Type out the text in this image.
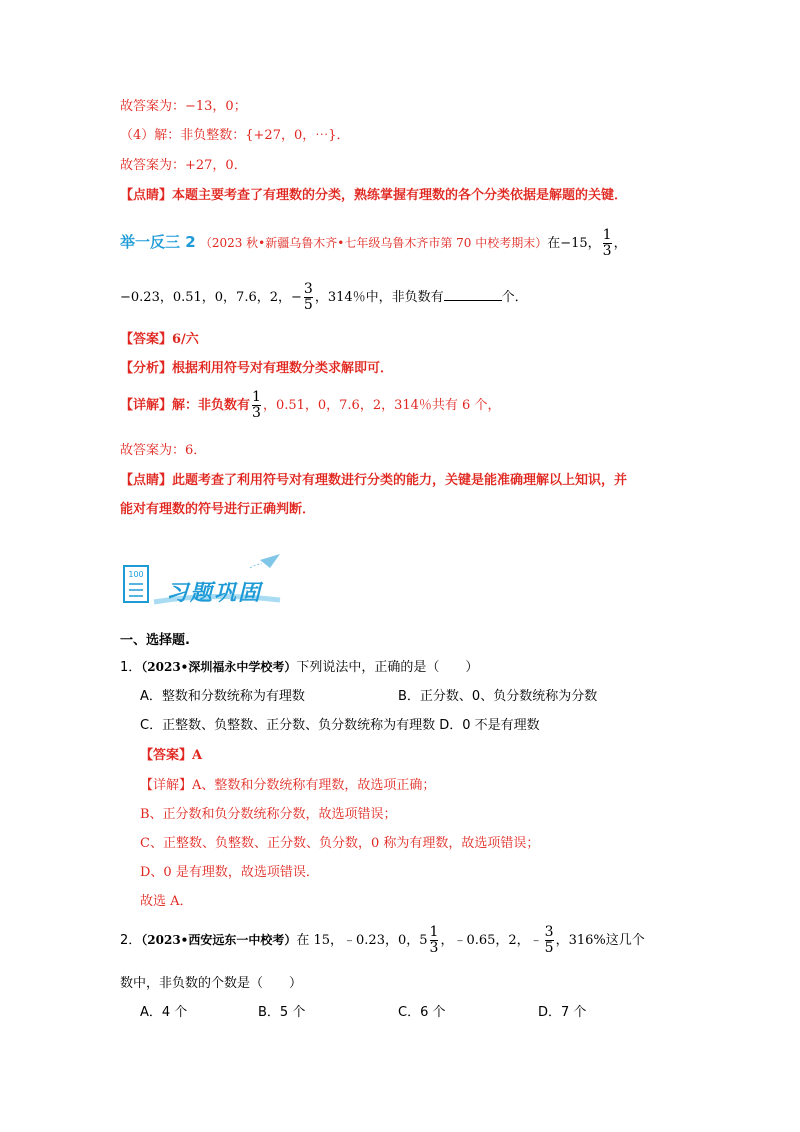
故答案为：−13，0；
（4）解：非负整数：{+27，0，⋯}．
故答案为：+27，0．
【点睛】本题主要考查了有理数的分类，熟练掌握有理数的各个分类依据是解题的关键．
举一反三 2 （2023 秋•新疆乌鲁木齐•七年级乌鲁木齐市第 70 中校考期末）在−15， $\frac{1}{3}$ ，
−0.23，0.51，0，7.6，2，− $\frac{3}{5}$ ，314％中，非负数有	个．
【答案】6/六
【分析】根据利用符号对有理数分类求解即可．
【详解】解：非负数有 $\frac{1}{3}$ ，0.51，0，7.6，2，314％共有 6 个，
故答案为：6．
【点睛】此题考查了利用符号对有理数进行分类的能力，关键是能准确理解以上知识，并
能对有理数的符号进行正确判断．
100
习题巩固
一、选择题.
1．（2023•深圳福永中学校考）下列说法中，正确的是（　　）
A．整数和分数统称为有理数	B．正分数、0、负分数统称为分数
C．正整数、负整数、正分数、负分数统称为有理数 D．0 不是有理数
【答案】A
【详解】A、整数和分数统称有理数，故选项正确；
B、正分数和负分数统称分数，故选项错误；
C、正整数、负整数、正分数、负分数，0 称为有理数，故选项错误；
D、0 是有理数，故选项错误．
故选 A．
2．（2023•西安远东一中校考）在 15，﹣0.23，0，$5 \frac{1}{3}$ ，﹣0.65，2，﹣ $\frac{3}{5}$ ，316%这几个
数中，非负数的个数是（　　）
A．4 个	B．5 个	C．6 个	D．7 个
